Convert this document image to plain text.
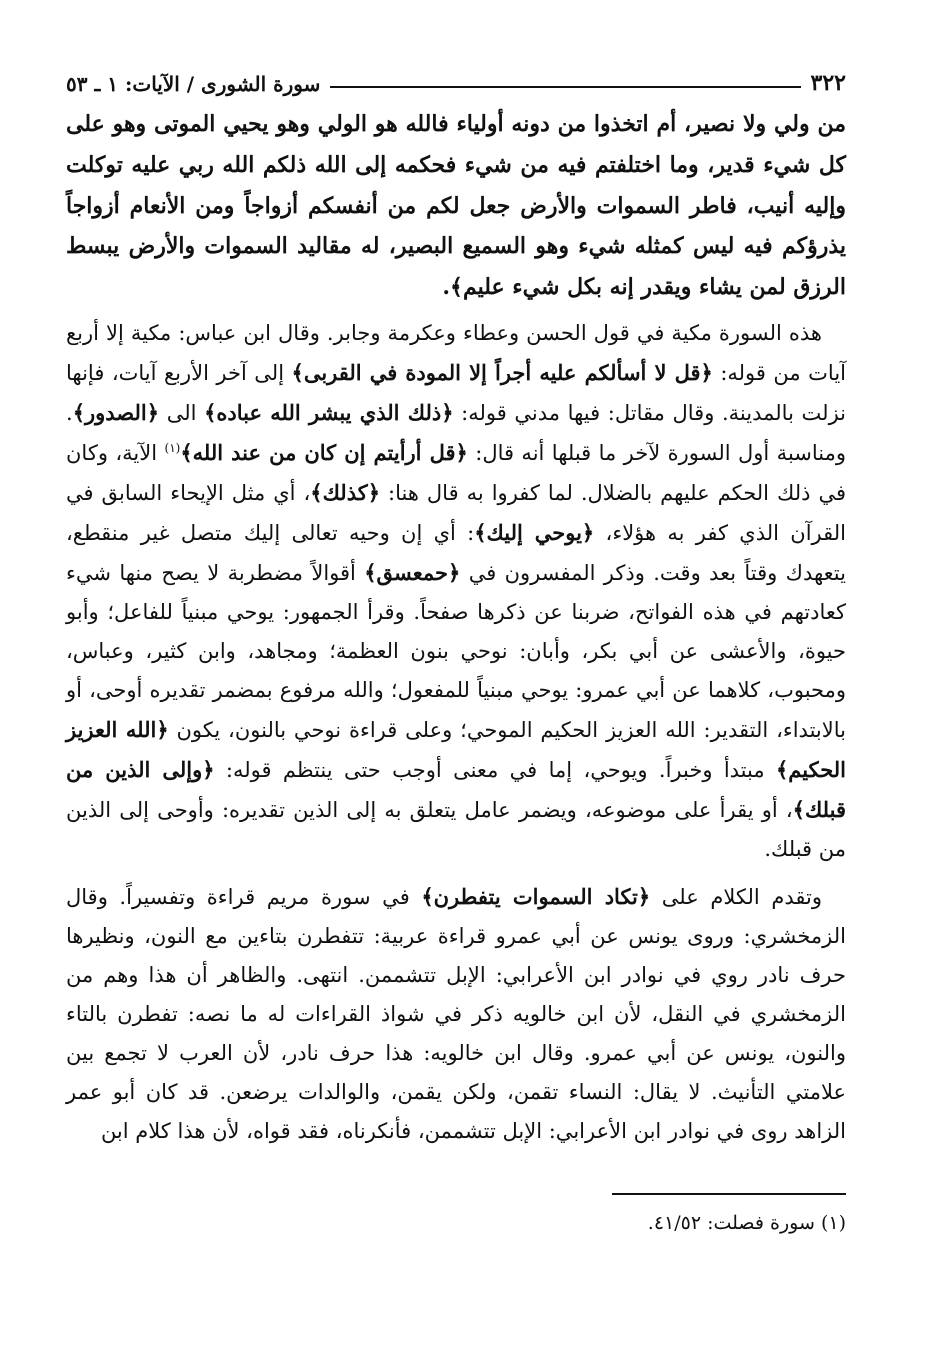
٣٢٢
سورة الشورى / الآيات: ١ ـ ٥٣

من ولي ولا نصير، أم اتخذوا من دونه أولياء فالله هو الولي وهو يحيي الموتى وهو على كل شيء قدير، وما اختلفتم فيه من شيء فحكمه إلى الله ذلكم الله ربي عليه توكلت وإليه أنيب، فاطر السموات والأرض جعل لكم من أنفسكم أزواجاً ومن الأنعام أزواجاً يذرؤكم فيه ليس كمثله شيء وهو السميع البصير، له مقاليد السموات والأرض يبسط الرزق لمن يشاء ويقدر إنه بكل شيء عليم﴾.

هذه السورة مكية في قول الحسن وعطاء وعكرمة وجابر. وقال ابن عباس: مكية إلا أربع آيات من قوله: ﴿قل لا أسألكم عليه أجراً إلا المودة في القربى﴾ إلى آخر الأربع آيات، فإنها نزلت بالمدينة. وقال مقاتل: فيها مدني قوله: ﴿ذلك الذي يبشر الله عباده﴾ الى ﴿الصدور﴾. ومناسبة أول السورة لآخر ما قبلها أنه قال: ﴿قل أرأيتم إن كان من عند الله﴾$^{(١)}$ الآية، وكان في ذلك الحكم عليهم بالضلال. لما كفروا به قال هنا: ﴿كذلك﴾، أي مثل الإيحاء السابق في القرآن الذي كفر به هؤلاء، ﴿يوحي إليك﴾: أي إن وحيه تعالى إليك متصل غير منقطع، يتعهدك وقتاً بعد وقت. وذكر المفسرون في ﴿حمعسق﴾ أقوالاً مضطربة لا يصح منها شيء كعادتهم في هذه الفواتح، ضربنا عن ذكرها صفحاً. وقرأ الجمهور: يوحي مبنياً للفاعل؛ وأبو حيوة، والأعشى عن أبي بكر، وأبان: نوحي بنون العظمة؛ ومجاهد، وابن كثير، وعباس، ومحبوب، كلاهما عن أبي عمرو: يوحي مبنياً للمفعول؛ والله مرفوع بمضمر تقديره أوحى، أو بالابتداء، التقدير: الله العزيز الحكيم الموحي؛ وعلى قراءة نوحي بالنون، يكون ﴿الله العزيز الحكيم﴾ مبتدأ وخبراً. ويوحي، إما في معنى أوجب حتى ينتظم قوله: ﴿وإلى الذين من قبلك﴾، أو يقرأ على موضوعه، ويضمر عامل يتعلق به إلى الذين تقديره: وأوحى إلى الذين من قبلك.

وتقدم الكلام على ﴿تكاد السموات يتفطرن﴾ في سورة مريم قراءة وتفسيراً. وقال الزمخشري: وروى يونس عن أبي عمرو قراءة عربية: تتفطرن بتاءين مع النون، ونظيرها حرف نادر روي في نوادر ابن الأعرابي: الإبل تتشممن. انتهى. والظاهر أن هذا وهم من الزمخشري في النقل، لأن ابن خالويه ذكر في شواذ القراءات له ما نصه: تفطرن بالتاء والنون، يونس عن أبي عمرو. وقال ابن خالويه: هذا حرف نادر، لأن العرب لا تجمع بين علامتي التأنيث. لا يقال: النساء تقمن، ولكن يقمن، والوالدات يرضعن. قد كان أبو عمر الزاهد روى في نوادر ابن الأعرابي: الإبل تتشممن، فأنكرناه، فقد قواه، لأن هذا كلام ابن

(١) سورة فصلت: ٤١/٥٢.
